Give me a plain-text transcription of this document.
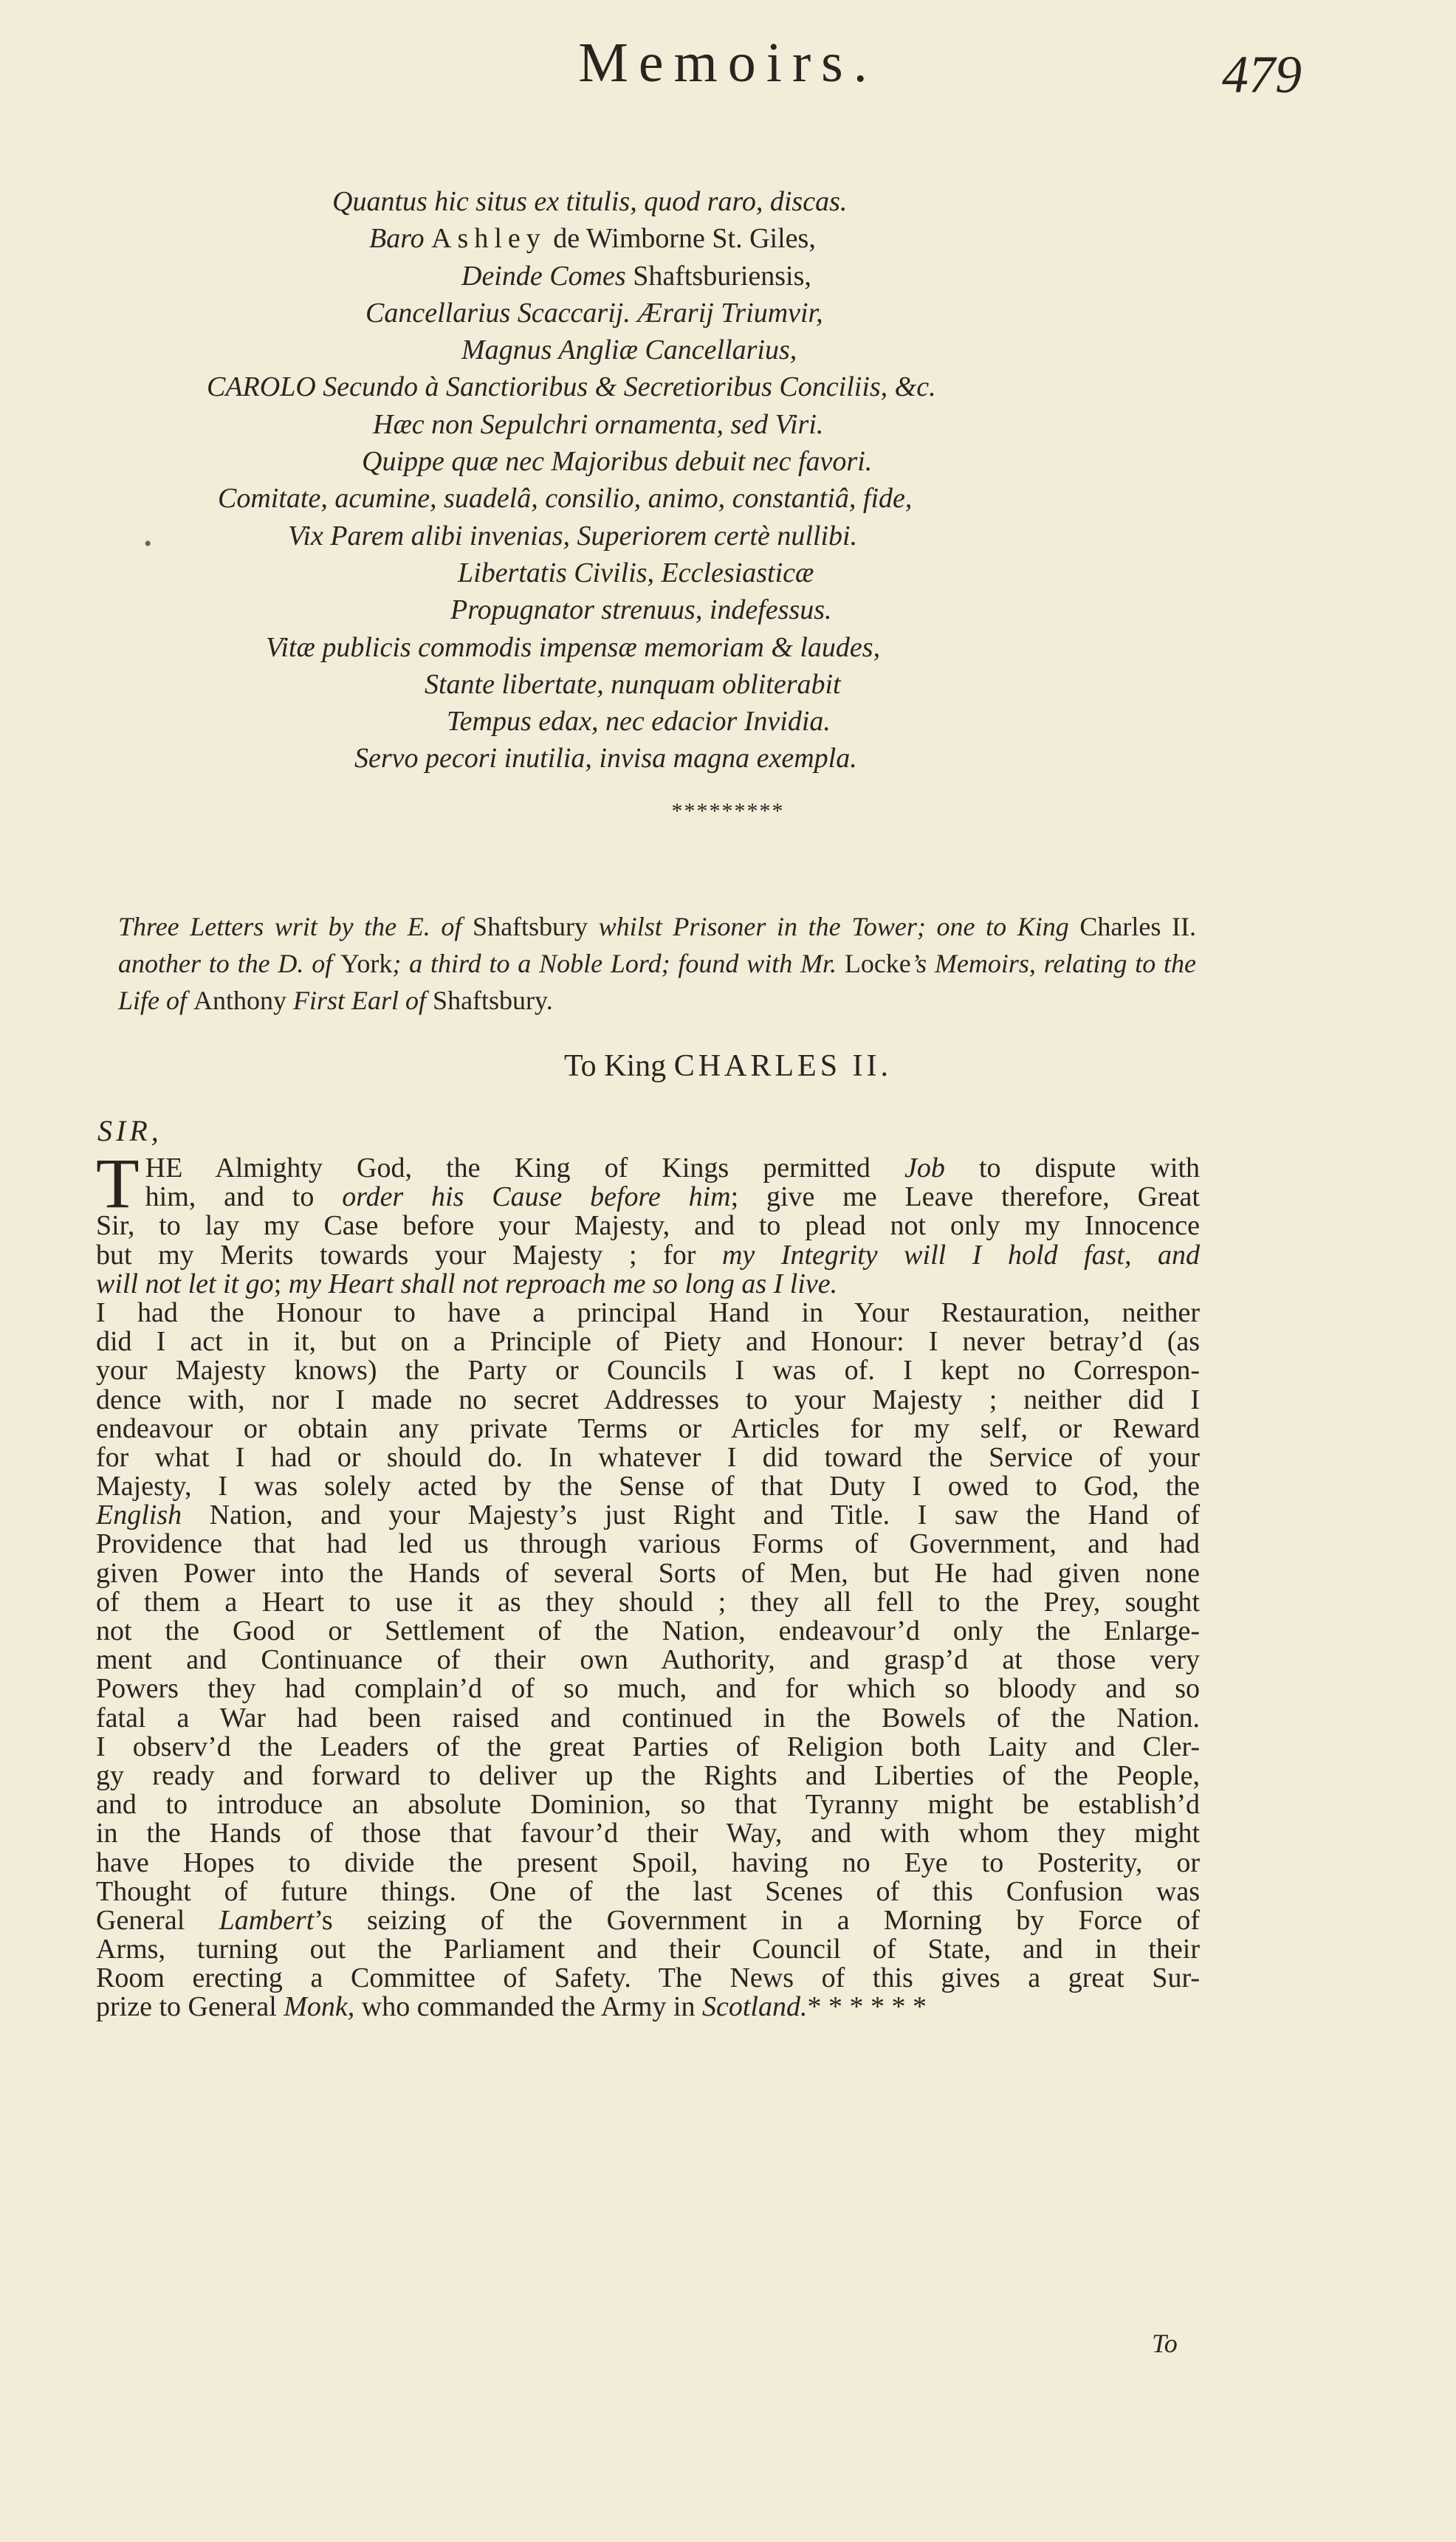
Memoirs.	479
Quantus hic situs ex titulis, quod raro, discas.
Baro Ashley de Wimborne St. Giles,
Deinde Comes Shaftsburiensis,
Cancellarius Scaccarij. Ærarij Triumvir,
Magnus Angliæ Cancellarius,
CAROLO Secundo à Sanctioribus & Secretioribus Conciliis, &c.
Hæc non Sepulchri ornamenta, sed Viri.
Quippe quæ nec Majoribus debuit nec favori.
Comitate, acumine, suadelâ, consilio, animo, constantiâ, fide,
Vix Parem alibi invenias, Superiorem certè nullibi.
Libertatis Civilis, Ecclesiasticæ
Propugnator strenuus, indefessus.
Vitæ publicis commodis impensæ memoriam & laudes,
Stante libertate, nunquam obliterabit
Tempus edax, nec edacior Invidia.
Servo pecori inutilia, invisa magna exempla.
*********
Three Letters writ by the E. of Shaftsbury whilst Prisoner in the Tower; one to King Charles II. another to the D. of York; a third to a Noble Lord; found with Mr. Locke’s Memoirs, relating to the Life of Anthony First Earl of Shaftsbury.
To King CHARLES II.
SIR,
T HE Almighty God, the King of Kings permitted Job to dispute with
him, and to order his Cause before him; give me Leave therefore, Great
Sir, to lay my Case before your Majesty, and to plead not only my Innocence
but my Merits towards your Majesty ; for my Integrity will I hold fast, and
will not let it go; my Heart shall not reproach me so long as I live.
I had the Honour to have a principal Hand in Your Restauration, neither
did I act in it, but on a Principle of Piety and Honour: I never betray’d (as
your Majesty knows) the Party or Councils I was of. I kept no Correspon-
dence with, nor I made no secret Addresses to your Majesty ; neither did I
endeavour or obtain any private Terms or Articles for my self, or Reward
for what I had or should do. In whatever I did toward the Service of your
Majesty, I was solely acted by the Sense of that Duty I owed to God, the
English Nation, and your Majesty’s just Right and Title. I saw the Hand of
Providence that had led us through various Forms of Government, and had
given Power into the Hands of several Sorts of Men, but He had given none
of them a Heart to use it as they should ; they all fell to the Prey, sought
not the Good or Settlement of the Nation, endeavour’d only the Enlarge-
ment and Continuance of their own Authority, and grasp’d at those very
Powers they had complain’d of so much, and for which so bloody and so
fatal a War had been raised and continued in the Bowels of the Nation.
I observ’d the Leaders of the great Parties of Religion both Laity and Cler-
gy ready and forward to deliver up the Rights and Liberties of the People,
and to introduce an absolute Dominion, so that Tyranny might be establish’d
in the Hands of those that favour’d their Way, and with whom they might
have Hopes to divide the present Spoil, having no Eye to Posterity, or
Thought of future things. One of the last Scenes of this Confusion was
General Lambert’s seizing of the Government in a Morning by Force of
Arms, turning out the Parliament and their Council of State, and in their
Room erecting a Committee of Safety. The News of this gives a great Sur-
prize to General Monk, who commanded the Army in Scotland.* * * * * *
To
•
